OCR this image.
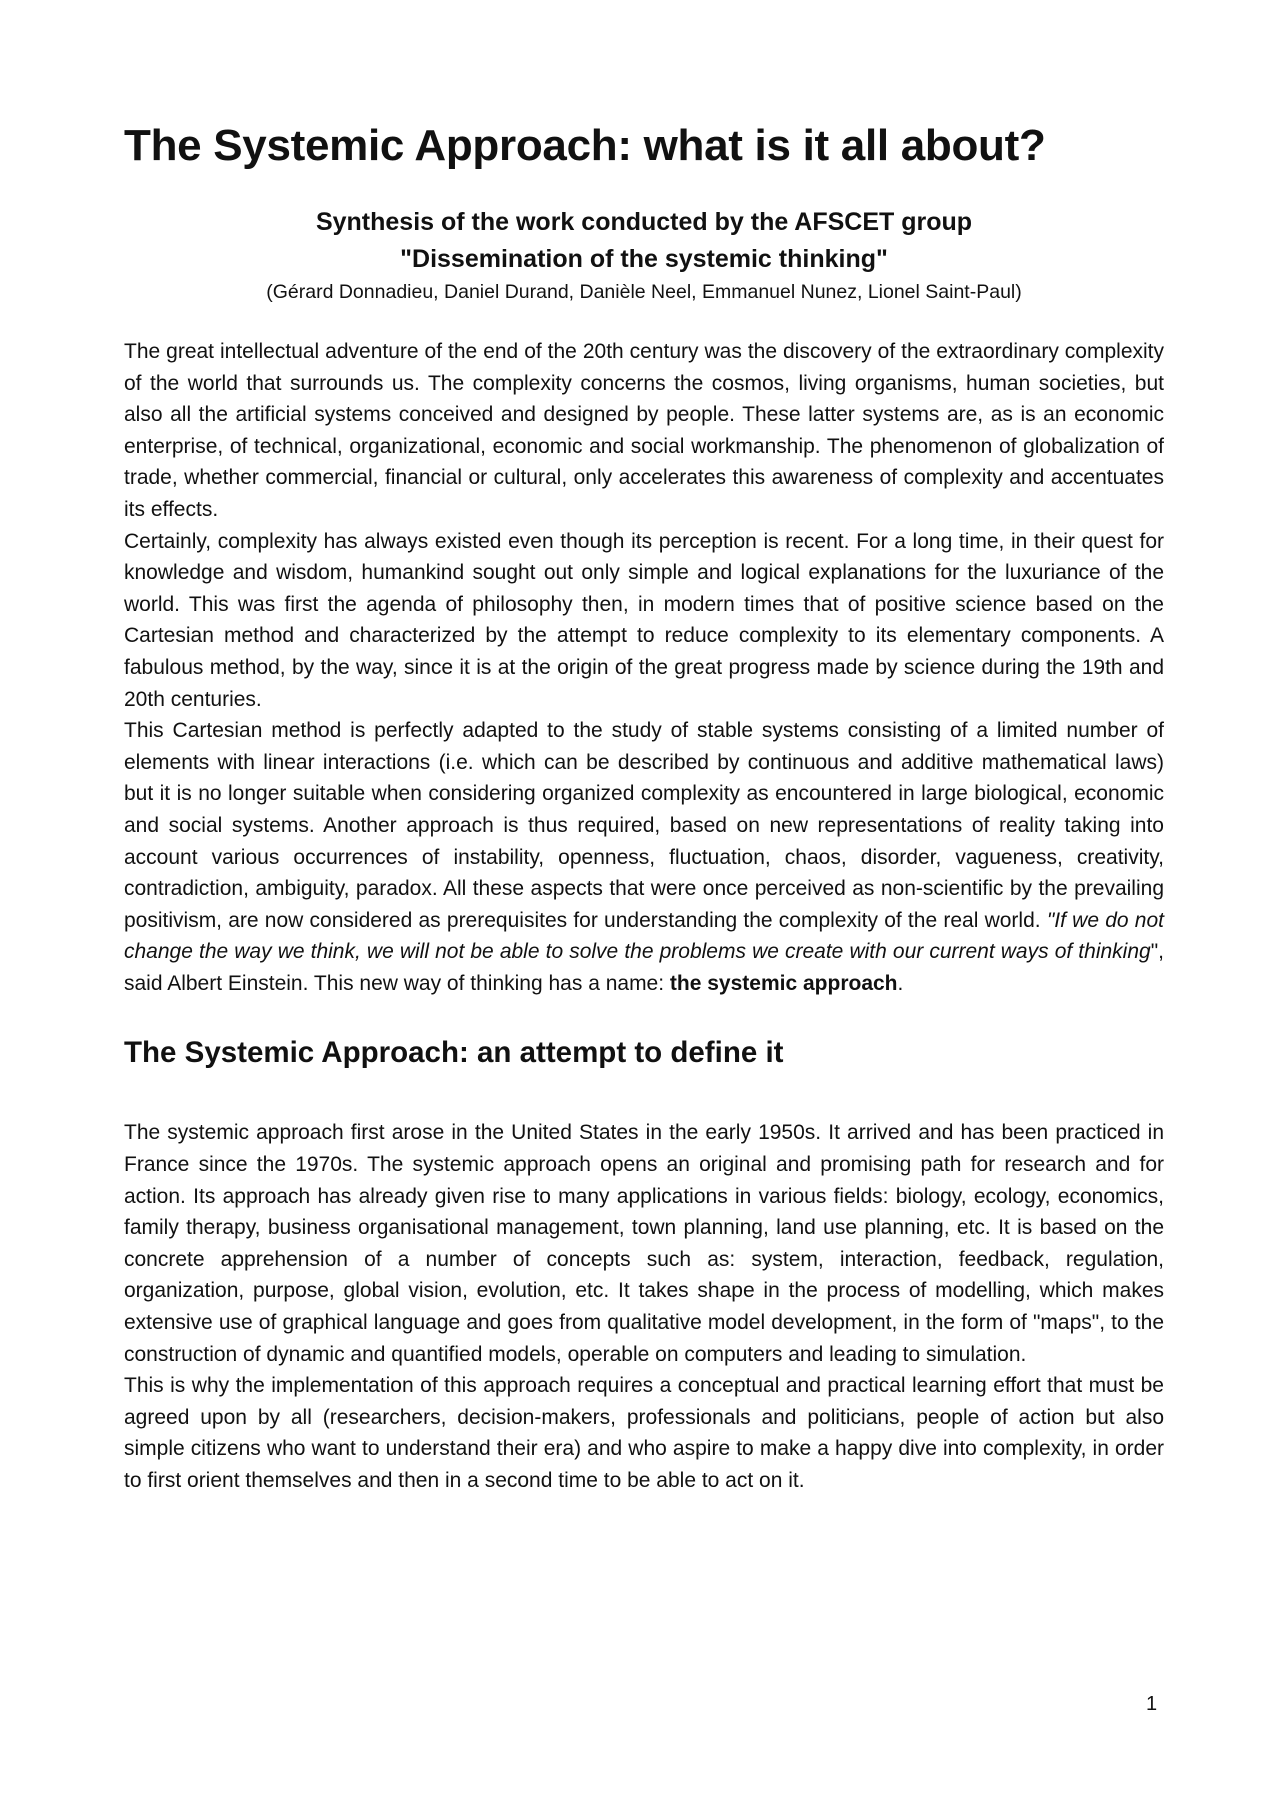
The Systemic Approach: what is it all about?
Synthesis of the work conducted by the AFSCET group
"Dissemination of the systemic thinking"
(Gérard Donnadieu, Daniel Durand, Danièle Neel, Emmanuel Nunez, Lionel Saint-Paul)

The great intellectual adventure of the end of the 20th century was the discovery of the extraordinary complexity of the world that surrounds us. The complexity concerns the cosmos, living organisms, human societies, but also all the artificial systems conceived and designed by people. These latter systems are, as is an economic enterprise, of technical, organizational, economic and social workmanship. The phenomenon of globalization of trade, whether commercial, financial or cultural, only accelerates this awareness of complexity and accentuates its effects.

Certainly, complexity has always existed even though its perception is recent. For a long time, in their quest for knowledge and wisdom, humankind sought out only simple and logical explanations for the luxuriance of the world. This was first the agenda of philosophy then, in modern times that of positive science based on the Cartesian method and characterized by the attempt to reduce complexity to its elementary components. A fabulous method, by the way, since it is at the origin of the great progress made by science during the 19th and 20th centuries.

This Cartesian method is perfectly adapted to the study of stable systems consisting of a limited number of elements with linear interactions (i.e. which can be described by continuous and additive mathematical laws) but it is no longer suitable when considering organized complexity as encountered in large biological, economic and social systems. Another approach is thus required, based on new representations of reality taking into account various occurrences of instability, openness, fluctuation, chaos, disorder, vagueness, creativity, contradiction, ambiguity, paradox. All these aspects that were once perceived as non-scientific by the prevailing positivism, are now considered as prerequisites for understanding the complexity of the real world. "If we do not change the way we think, we will not be able to solve the problems we create with our current ways of thinking", said Albert Einstein. This new way of thinking has a name: the systemic approach.

The Systemic Approach: an attempt to define it

The systemic approach first arose in the United States in the early 1950s. It arrived and has been practiced in France since the 1970s. The systemic approach opens an original and promising path for research and for action. Its approach has already given rise to many applications in various fields: biology, ecology, economics, family therapy, business organisational management, town planning, land use planning, etc. It is based on the concrete apprehension of a number of concepts such as: system, interaction, feedback, regulation, organization, purpose, global vision, evolution, etc. It takes shape in the process of modelling, which makes extensive use of graphical language and goes from qualitative model development, in the form of "maps", to the construction of dynamic and quantified models, operable on computers and leading to simulation.

This is why the implementation of this approach requires a conceptual and practical learning effort that must be agreed upon by all (researchers, decision-makers, professionals and politicians, people of action but also simple citizens who want to understand their era) and who aspire to make a happy dive into complexity, in order to first orient themselves and then in a second time to be able to act on it.

1
